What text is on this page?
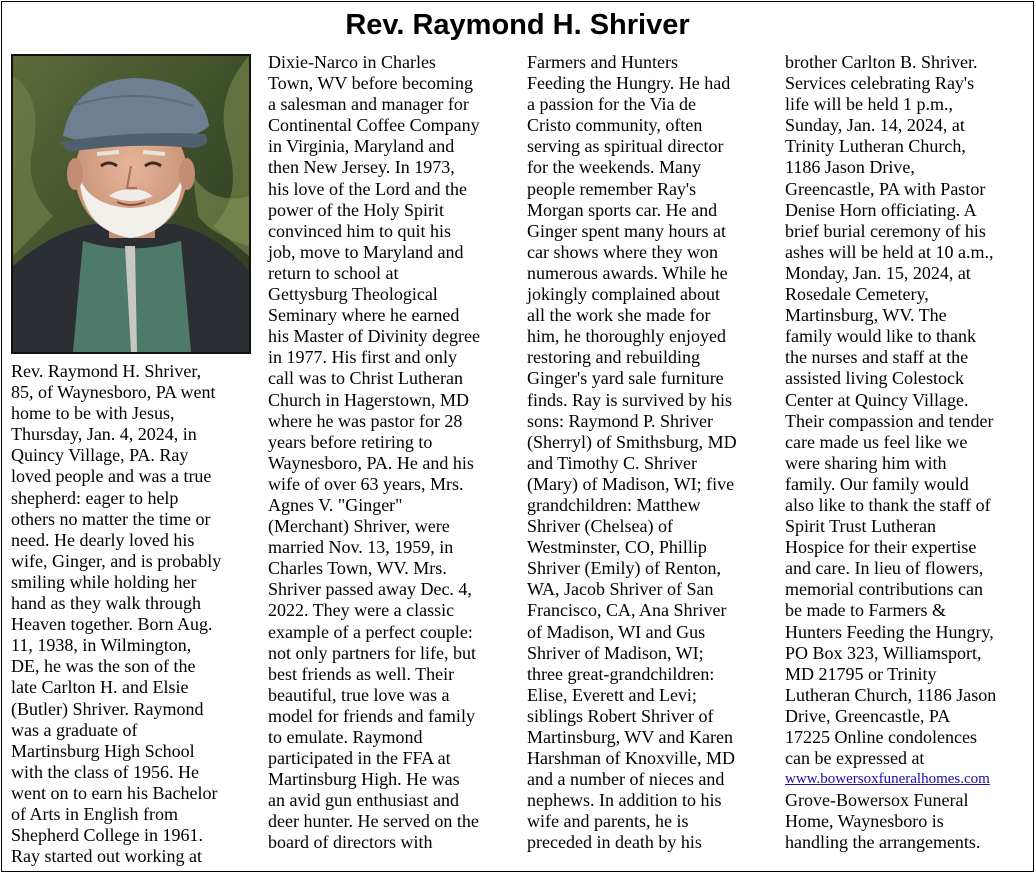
Rev. Raymond H. Shriver
Rev. Raymond H. Shriver,
85, of Waynesboro, PA went
home to be with Jesus,
Thursday, Jan. 4, 2024, in
Quincy Village, PA. Ray
loved people and was a true
shepherd: eager to help
others no matter the time or
need. He dearly loved his
wife, Ginger, and is probably
smiling while holding her
hand as they walk through
Heaven together. Born Aug.
11, 1938, in Wilmington,
DE, he was the son of the
late Carlton H. and Elsie
(Butler) Shriver. Raymond
was a graduate of
Martinsburg High School
with the class of 1956. He
went on to earn his Bachelor
of Arts in English from
Shepherd College in 1961.
Ray started out working at
Dixie-Narco in Charles
Town, WV before becoming
a salesman and manager for
Continental Coffee Company
in Virginia, Maryland and
then New Jersey. In 1973,
his love of the Lord and the
power of the Holy Spirit
convinced him to quit his
job, move to Maryland and
return to school at
Gettysburg Theological
Seminary where he earned
his Master of Divinity degree
in 1977. His first and only
call was to Christ Lutheran
Church in Hagerstown, MD
where he was pastor for 28
years before retiring to
Waynesboro, PA. He and his
wife of over 63 years, Mrs.
Agnes V. "Ginger"
(Merchant) Shriver, were
married Nov. 13, 1959, in
Charles Town, WV. Mrs.
Shriver passed away Dec. 4,
2022. They were a classic
example of a perfect couple:
not only partners for life, but
best friends as well. Their
beautiful, true love was a
model for friends and family
to emulate. Raymond
participated in the FFA at
Martinsburg High. He was
an avid gun enthusiast and
deer hunter. He served on the
board of directors with
Farmers and Hunters
Feeding the Hungry. He had
a passion for the Via de
Cristo community, often
serving as spiritual director
for the weekends. Many
people remember Ray's
Morgan sports car. He and
Ginger spent many hours at
car shows where they won
numerous awards. While he
jokingly complained about
all the work she made for
him, he thoroughly enjoyed
restoring and rebuilding
Ginger's yard sale furniture
finds. Ray is survived by his
sons: Raymond P. Shriver
(Sherryl) of Smithsburg, MD
and Timothy C. Shriver
(Mary) of Madison, WI; five
grandchildren: Matthew
Shriver (Chelsea) of
Westminster, CO, Phillip
Shriver (Emily) of Renton,
WA, Jacob Shriver of San
Francisco, CA, Ana Shriver
of Madison, WI and Gus
Shriver of Madison, WI;
three great-grandchildren:
Elise, Everett and Levi;
siblings Robert Shriver of
Martinsburg, WV and Karen
Harshman of Knoxville, MD
and a number of nieces and
nephews. In addition to his
wife and parents, he is
preceded in death by his
brother Carlton B. Shriver.
Services celebrating Ray's
life will be held 1 p.m.,
Sunday, Jan. 14, 2024, at
Trinity Lutheran Church,
1186 Jason Drive,
Greencastle, PA with Pastor
Denise Horn officiating. A
brief burial ceremony of his
ashes will be held at 10 a.m.,
Monday, Jan. 15, 2024, at
Rosedale Cemetery,
Martinsburg, WV. The
family would like to thank
the nurses and staff at the
assisted living Colestock
Center at Quincy Village.
Their compassion and tender
care made us feel like we
were sharing him with
family. Our family would
also like to thank the staff of
Spirit Trust Lutheran
Hospice for their expertise
and care. In lieu of flowers,
memorial contributions can
be made to Farmers &
Hunters Feeding the Hungry,
PO Box 323, Williamsport,
MD 21795 or Trinity
Lutheran Church, 1186 Jason
Drive, Greencastle, PA
17225 Online condolences
can be expressed at
www.bowersoxfuneralhomes.com
Grove-Bowersox Funeral
Home, Waynesboro is
handling the arrangements.
